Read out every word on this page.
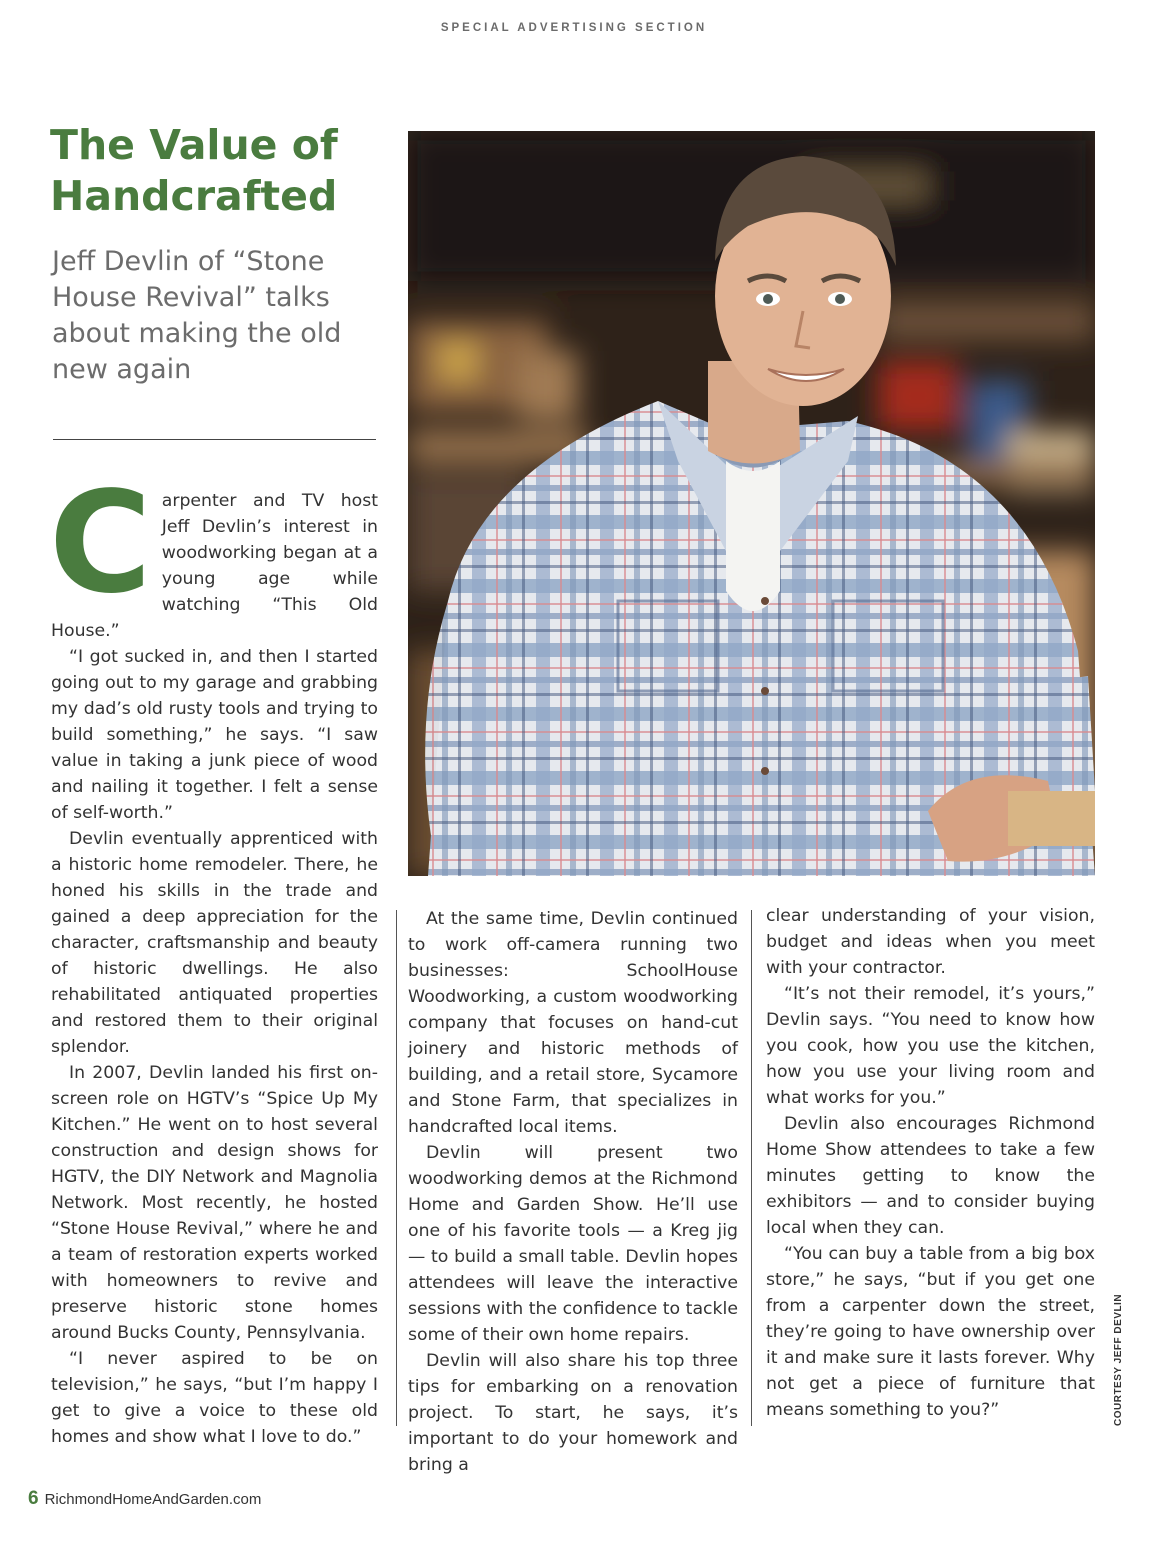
SPECIAL ADVERTISING SECTION
The Value of Handcrafted
Jeff Devlin of “Stone House Revival” talks about making the old new again
C arpenter and TV host Jeff Devlin’s interest in woodworking began at a young age while watching “This Old House.”

“I got sucked in, and then I started going out to my garage and grabbing my dad’s old rusty tools and trying to build something,” he says. “I saw value in taking a junk piece of wood and nailing it together. I felt a sense of self-worth.”

Devlin eventually apprenticed with a historic home remodeler. There, he honed his skills in the trade and gained a deep appreciation for the character, craftsmanship and beauty of historic dwellings. He also rehabilitated antiquated properties and restored them to their original splendor.

In 2007, Devlin landed his first on-screen role on HGTV’s “Spice Up My Kitchen.” He went on to host several construction and design shows for HGTV, the DIY Network and Magnolia Network. Most recently, he hosted “Stone House Revival,” where he and a team of restoration experts worked with homeowners to revive and preserve historic stone homes around Bucks County, Pennsylvania.

“I never aspired to be on television,” he says, “but I’m happy I get to give a voice to these old homes and show what I love to do.”

At the same time, Devlin continued to work off-camera running two businesses: SchoolHouse Woodworking, a custom woodworking company that focuses on hand-cut joinery and historic methods of building, and a retail store, Sycamore and Stone Farm, that specializes in handcrafted local items.

Devlin will present two woodworking demos at the Richmond Home and Garden Show. He’ll use one of his favorite tools — a Kreg jig — to build a small table. Devlin hopes attendees will leave the interactive sessions with the confidence to tackle some of their own home repairs.

Devlin will also share his top three tips for embarking on a renovation project. To start, he says, it’s important to do your homework and bring a

clear understanding of your vision, budget and ideas when you meet with your contractor.

“It’s not their remodel, it’s yours,” Devlin says. “You need to know how you cook, how you use the kitchen, how you use your living room and what works for you.”

Devlin also encourages Richmond Home Show attendees to take a few minutes getting to know the exhibitors — and to consider buying local when they can.

“You can buy a table from a big box store,” he says, “but if you get one from a carpenter down the street, they’re going to have ownership over it and make sure it lasts forever. Why not get a piece of furniture that means something to you?”	COURTESY JEFF DEVLIN
6 RichmondHomeAndGarden.com
